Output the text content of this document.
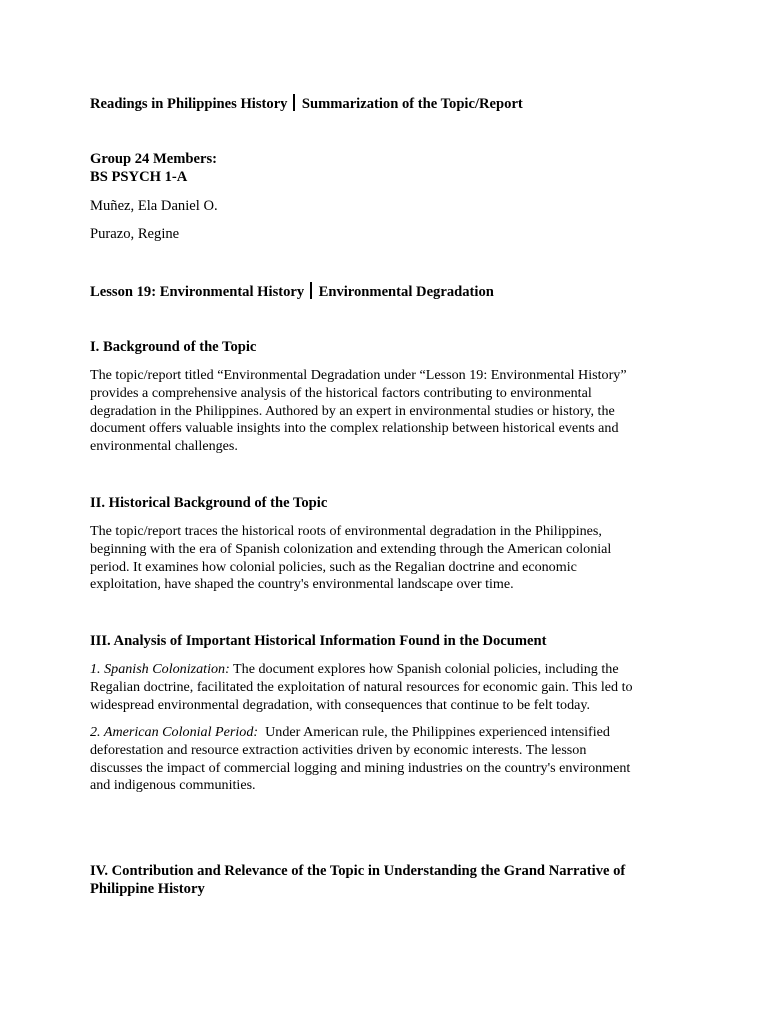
Readings in Philippines History Summarization of the Topic/Report

Group 24 Members:

BS PSYCH 1-A

Muñez, Ela Daniel O.

Purazo, Regine

Lesson 19: Environmental History Environmental Degradation

I. Background of the Topic

The topic/report titled “Environmental Degradation under “Lesson 19: Environmental History”
provides a comprehensive analysis of the historical factors contributing to environmental
degradation in the Philippines. Authored by an expert in environmental studies or history, the
document offers valuable insights into the complex relationship between historical events and
environmental challenges.

II. Historical Background of the Topic

The topic/report traces the historical roots of environmental degradation in the Philippines,
beginning with the era of Spanish colonization and extending through the American colonial
period. It examines how colonial policies, such as the Regalian doctrine and economic
exploitation, have shaped the country's environmental landscape over time.

III. Analysis of Important Historical Information Found in the Document

1. Spanish Colonization: The document explores how Spanish colonial policies, including the
Regalian doctrine, facilitated the exploitation of natural resources for economic gain. This led to
widespread environmental degradation, with consequences that continue to be felt today.
2. American Colonial Period:  Under American rule, the Philippines experienced intensified
deforestation and resource extraction activities driven by economic interests. The lesson
discusses the impact of commercial logging and mining industries on the country's environment
and indigenous communities.
IV. Contribution and Relevance of the Topic in Understanding the Grand Narrative of
Philippine History
